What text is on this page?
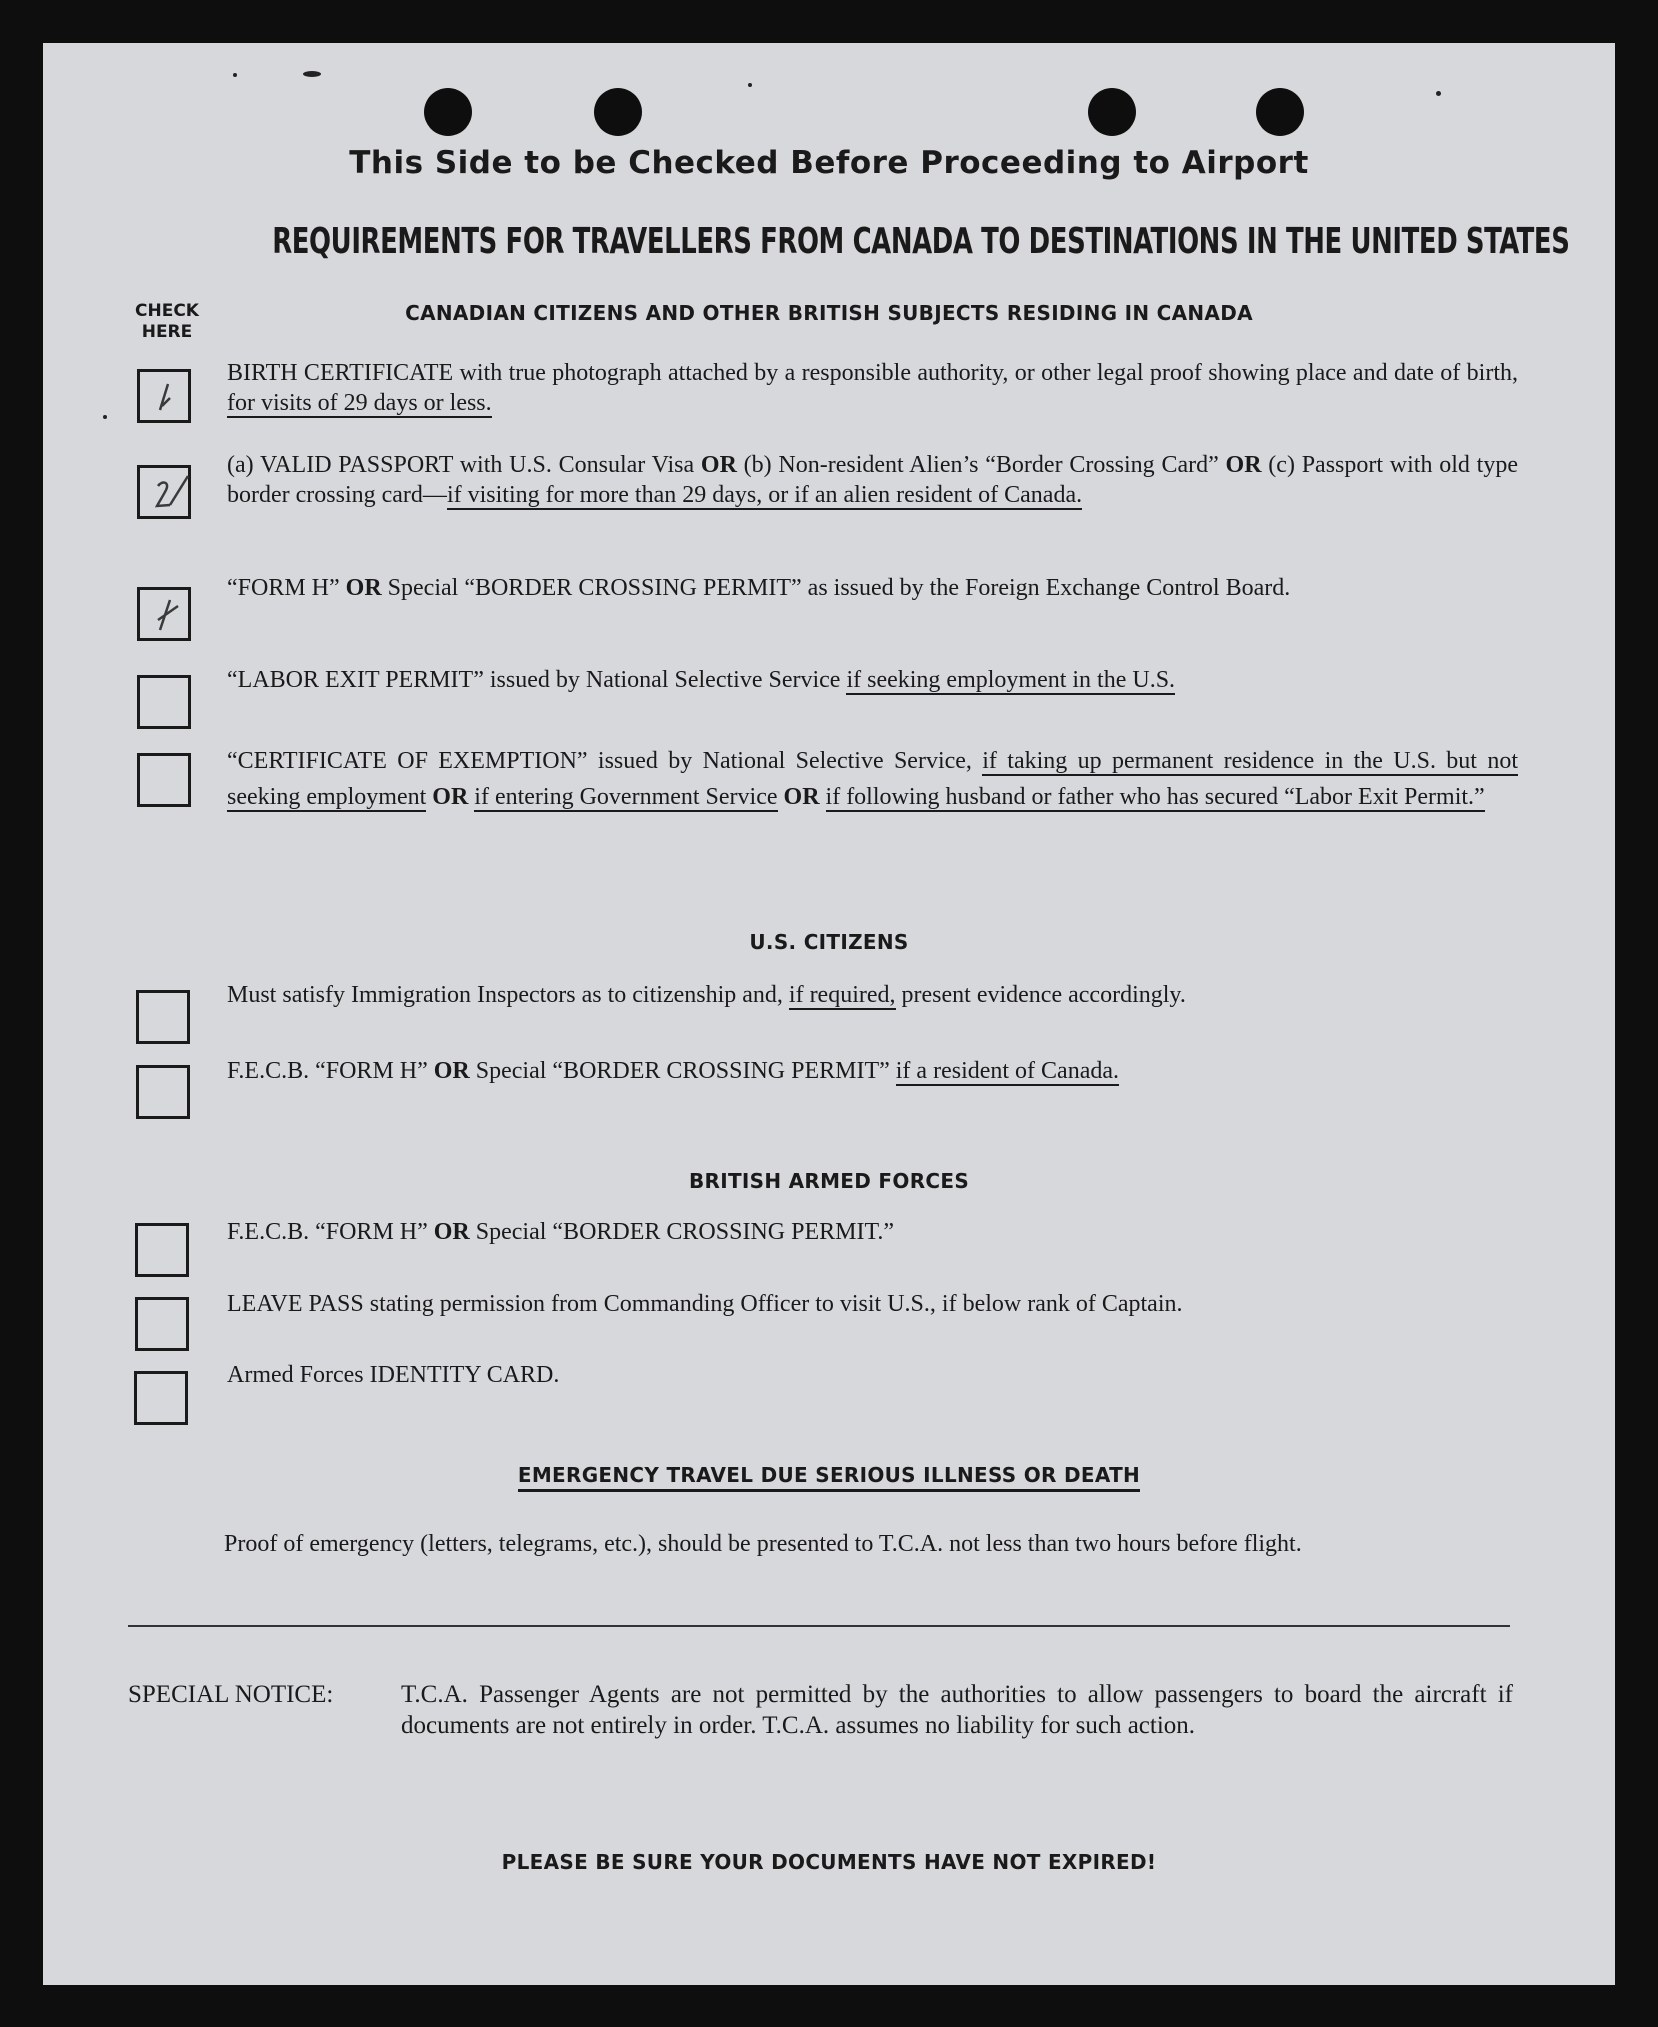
This Side to be Checked Before Proceeding to Airport
REQUIREMENTS FOR TRAVELLERS FROM CANADA TO DESTINATIONS IN THE UNITED STATES
CHECK
HERE
CANADIAN CITIZENS AND OTHER BRITISH SUBJECTS RESIDING IN CANADA
BIRTH CERTIFICATE with true photograph attached by a responsible authority, or other legal proof showing place and date of birth, for visits of 29 days or less.
(a) VALID PASSPORT with U.S. Consular Visa OR (b) Non-resident Alien’s “Border Crossing Card” OR (c) Passport with old type border crossing card—if visiting for more than 29 days, or if an alien resident of Canada.
“FORM H” OR Special “BORDER CROSSING PERMIT” as issued by the Foreign Exchange Control Board.
“LABOR EXIT PERMIT” issued by National Selective Service if seeking employment in the U.S.
“CERTIFICATE OF EXEMPTION” issued by National Selective Service, if taking up permanent residence in the U.S. but not seeking employment OR if entering Government Service OR if following husband or father who has secured “Labor Exit Permit.”
U.S. CITIZENS
Must satisfy Immigration Inspectors as to citizenship and, if required, present evidence accordingly.
F.E.C.B. “FORM H” OR Special “BORDER CROSSING PERMIT” if a resident of Canada.
BRITISH ARMED FORCES
F.E.C.B. “FORM H” OR Special “BORDER CROSSING PERMIT.”
LEAVE PASS stating permission from Commanding Officer to visit U.S., if below rank of Captain.
Armed Forces IDENTITY CARD.
EMERGENCY TRAVEL DUE SERIOUS ILLNESS OR DEATH
Proof of emergency (letters, telegrams, etc.), should be presented to T.C.A. not less than two hours before flight.
SPECIAL NOTICE:	T.C.A. Passenger Agents are not permitted by the authorities to allow passengers to board the aircraft if documents are not entirely in order. T.C.A. assumes no liability for such action.
PLEASE BE SURE YOUR DOCUMENTS HAVE NOT EXPIRED!
